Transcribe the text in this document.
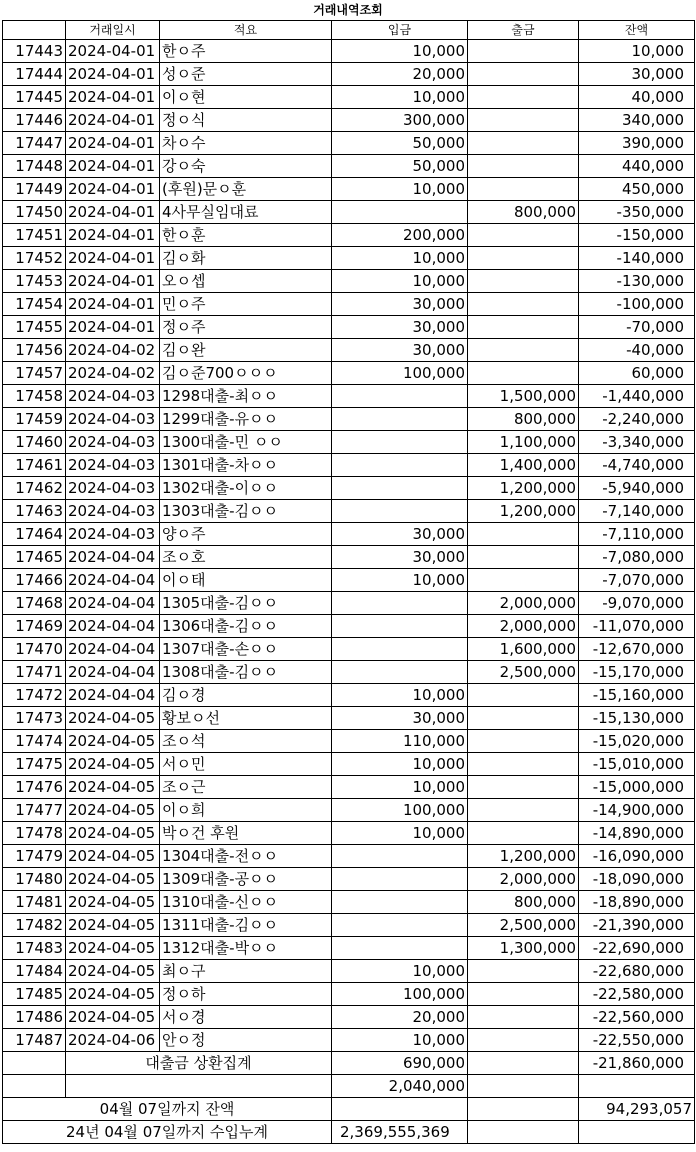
거래내역조회
	거래일시	적요	입금	출금	잔액
17443	2024-04-01	한ㅇ주	10,000		10,000
17444	2024-04-01	성ㅇ준	20,000		30,000
17445	2024-04-01	이ㅇ현	10,000		40,000
17446	2024-04-01	정ㅇ식	300,000		340,000
17447	2024-04-01	차ㅇ수	50,000		390,000
17448	2024-04-01	강ㅇ숙	50,000		440,000
17449	2024-04-01	(후원)문ㅇ훈	10,000		450,000
17450	2024-04-01	4사무실임대료		800,000	-350,000
17451	2024-04-01	한ㅇ훈	200,000		-150,000
17452	2024-04-01	김ㅇ화	10,000		-140,000
17453	2024-04-01	오ㅇ셉	10,000		-130,000
17454	2024-04-01	민ㅇ주	30,000		-100,000
17455	2024-04-01	정ㅇ주	30,000		-70,000
17456	2024-04-02	김ㅇ완	30,000		-40,000
17457	2024-04-02	김ㅇ준700ㅇㅇㅇ	100,000		60,000
17458	2024-04-03	1298대출-최ㅇㅇ		1,500,000	-1,440,000
17459	2024-04-03	1299대출-유ㅇㅇ		800,000	-2,240,000
17460	2024-04-03	1300대출-민 ㅇㅇ		1,100,000	-3,340,000
17461	2024-04-03	1301대출-차ㅇㅇ		1,400,000	-4,740,000
17462	2024-04-03	1302대출-이ㅇㅇ		1,200,000	-5,940,000
17463	2024-04-03	1303대출-김ㅇㅇ		1,200,000	-7,140,000
17464	2024-04-03	양ㅇ주	30,000		-7,110,000
17465	2024-04-04	조ㅇ호	30,000		-7,080,000
17466	2024-04-04	이ㅇ태	10,000		-7,070,000
17468	2024-04-04	1305대출-김ㅇㅇ		2,000,000	-9,070,000
17469	2024-04-04	1306대출-김ㅇㅇ		2,000,000	-11,070,000
17470	2024-04-04	1307대출-손ㅇㅇ		1,600,000	-12,670,000
17471	2024-04-04	1308대출-김ㅇㅇ		2,500,000	-15,170,000
17472	2024-04-04	김ㅇ경	10,000		-15,160,000
17473	2024-04-05	황보ㅇ선	30,000		-15,130,000
17474	2024-04-05	조ㅇ석	110,000		-15,020,000
17475	2024-04-05	서ㅇ민	10,000		-15,010,000
17476	2024-04-05	조ㅇ근	10,000		-15,000,000
17477	2024-04-05	이ㅇ희	100,000		-14,900,000
17478	2024-04-05	박ㅇ건 후원	10,000		-14,890,000
17479	2024-04-05	1304대출-전ㅇㅇ		1,200,000	-16,090,000
17480	2024-04-05	1309대출-공ㅇㅇ		2,000,000	-18,090,000
17481	2024-04-05	1310대출-신ㅇㅇ		800,000	-18,890,000
17482	2024-04-05	1311대출-김ㅇㅇ		2,500,000	-21,390,000
17483	2024-04-05	1312대출-박ㅇㅇ		1,300,000	-22,690,000
17484	2024-04-05	최ㅇ구	10,000		-22,680,000
17485	2024-04-05	정ㅇ하	100,000		-22,580,000
17486	2024-04-05	서ㅇ경	20,000		-22,560,000
17487	2024-04-06	안ㅇ정	10,000		-22,550,000
	대출금 상환집계		690,000		-21,860,000
			2,040,000		
04월 07일까지 잔액					94,293,057
24년 04월 07일까지 수입누계			2,369,555,369		
